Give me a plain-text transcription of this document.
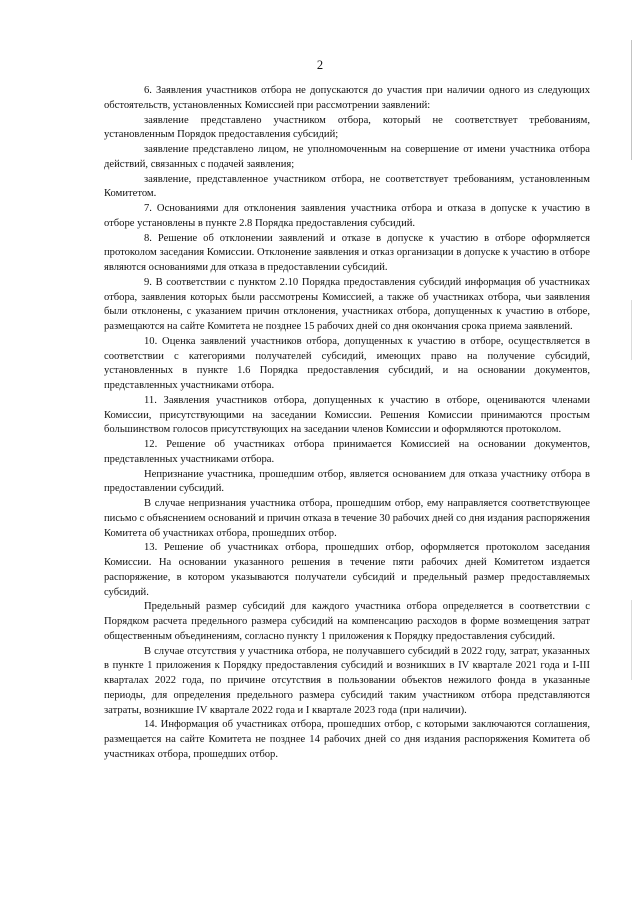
2

6. Заявления участников отбора не допускаются до участия при наличии одного из следующих обстоятельств, установленных Комиссией при рассмотрении заявлений:

заявление представлено участником отбора, который не соответствует требованиям, установленным Порядок предоставления субсидий;

заявление представлено лицом, не уполномоченным на совершение от имени участника отбора действий, связанных с подачей заявления;

заявление, представленное участником отбора, не соответствует требованиям, установленным Комитетом.

7. Основаниями для отклонения заявления участника отбора и отказа в допуске к участию в отборе установлены в пункте 2.8 Порядка предоставления субсидий.

8. Решение об отклонении заявлений и отказе в допуске к участию в отборе оформляется протоколом заседания Комиссии. Отклонение заявления и отказ организации в допуске к участию в отборе являются основаниями для отказа в предоставлении субсидий.

9. В соответствии с пунктом 2.10 Порядка предоставления субсидий информация об участниках отбора, заявления которых были рассмотрены Комиссией, а также об участниках отбора, чьи заявления были отклонены, с указанием причин отклонения, участниках отбора, допущенных к участию в отборе, размещаются на сайте Комитета не позднее 15 рабочих дней со дня окончания срока приема заявлений.

10. Оценка заявлений участников отбора, допущенных к участию в отборе, осуществляется в соответствии с категориями получателей субсидий, имеющих право на получение субсидий, установленных в пункте 1.6 Порядка предоставления субсидий, и на основании документов, представленных участниками отбора.

11. Заявления участников отбора, допущенных к участию в отборе, оцениваются членами Комиссии, присутствующими на заседании Комиссии. Решения Комиссии принимаются простым большинством голосов присутствующих на заседании членов Комиссии и оформляются протоколом.

12. Решение об участниках отбора принимается Комиссией на основании документов, представленных участниками отбора.

Непризнание участника, прошедшим отбор, является основанием для отказа участнику отбора в предоставлении субсидий.

В случае непризнания участника отбора, прошедшим отбор, ему направляется соответствующее письмо с объяснением оснований и причин отказа в течение 30 рабочих дней со дня издания распоряжения Комитета об участниках отбора, прошедших отбор.

13. Решение об участниках отбора, прошедших отбор, оформляется протоколом заседания Комиссии. На основании указанного решения в течение пяти рабочих дней Комитетом издается распоряжение, в котором указываются получатели субсидий и предельный размер предоставляемых субсидий.

Предельный размер субсидий для каждого участника отбора определяется в соответствии с Порядком расчета предельного размера субсидий на компенсацию расходов в форме возмещения затрат общественным объединениям, согласно пункту 1 приложения к Порядку предоставления субсидий.

В случае отсутствия у участника отбора, не получавшего субсидий в 2022 году, затрат, указанных в пункте 1 приложения к Порядку предоставления субсидий и возникших в IV квартале 2021 года и I-III кварталах 2022 года, по причине отсутствия в пользовании объектов нежилого фонда в указанные периоды, для определения предельного размера субсидий таким участником отбора представляются затраты, возникшие IV квартале 2022 года и I квартале 2023 года (при наличии).

14. Информация об участниках отбора, прошедших отбор, с которыми заключаются соглашения, размещается на сайте Комитета не позднее 14 рабочих дней со дня издания распоряжения Комитета об участниках отбора, прошедших отбор.
